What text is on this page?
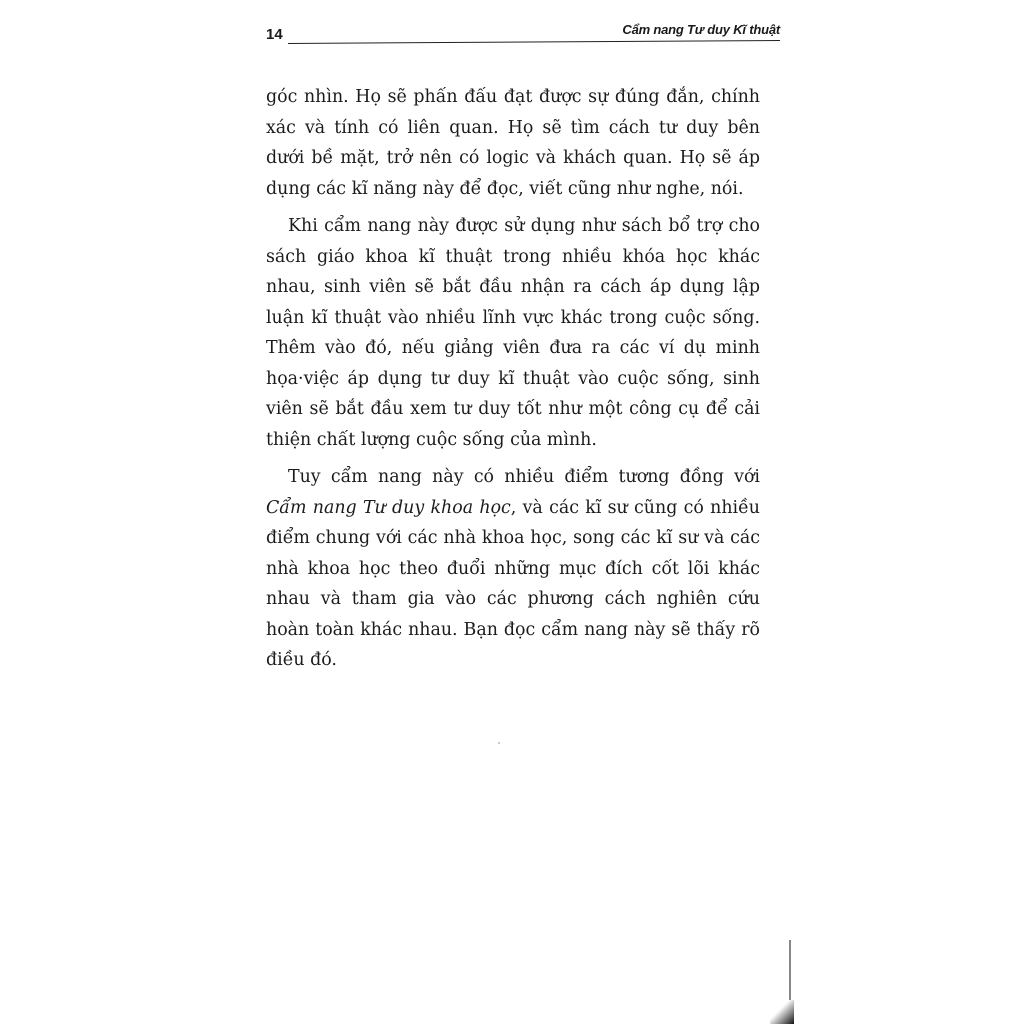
14	Cẩm nang Tư duy Kĩ thuật

góc nhìn. Họ sẽ phấn đấu đạt được sự đúng đắn, chính xác và tính có liên quan. Họ sẽ tìm cách tư duy bên dưới bề mặt, trở nên có logic và khách quan. Họ sẽ áp dụng các kĩ năng này để đọc, viết cũng như nghe, nói.

Khi cẩm nang này được sử dụng như sách bổ trợ cho sách giáo khoa kĩ thuật trong nhiều khóa học khác nhau, sinh viên sẽ bắt đầu nhận ra cách áp dụng lập luận kĩ thuật vào nhiều lĩnh vực khác trong cuộc sống. Thêm vào đó, nếu giảng viên đưa ra các ví dụ minh họa·việc áp dụng tư duy kĩ thuật vào cuộc sống, sinh viên sẽ bắt đầu xem tư duy tốt như một công cụ để cải thiện chất lượng cuộc sống của mình.

Tuy cẩm nang này có nhiều điểm tương đồng với Cẩm nang Tư duy khoa học, và các kĩ sư cũng có nhiều điểm chung với các nhà khoa học, song các kĩ sư và các nhà khoa học theo đuổi những mục đích cốt lõi khác nhau và tham gia vào các phương cách nghiên cứu hoàn toàn khác nhau. Bạn đọc cẩm nang này sẽ thấy rõ điều đó.
